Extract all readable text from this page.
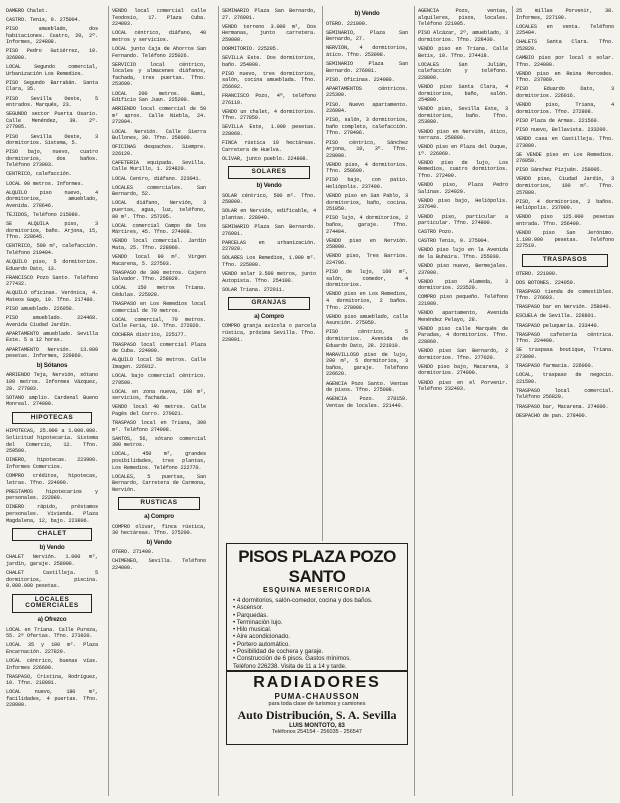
DAMERO Chalet.

CASTRO. Tenis, 9. 275004.

PISO amueblado, dos habitaciones. Cuatro, 20, 2º. Informes, 224808.

PISO Pedro Gutiérrez, 10. 326800.

LOCAL Segundo comercial, Urbanización Los Remedios.

PISO Segundo Barrabán. Santa Clara, 35.

PISO Sevilla Oeste, 5 entrados. Marqués, 23.

SEGUNDO sector Puerta Osario. Calle Menéndez, 39. 2º. 277005.

PISO Sevilla Oeste, 3 dormitorios. Sistema, 5.

PISO bajo, nuevo, cuatro dormitorios, dos baños. Teléfono 273003.

CENTRICO, calefacción.

LOCAL 90 metros. Informes.

ALQUILO piso nuevo, 4 dormitorios, amueblado, Avenida. 278646.

TEJIDOS, Teléfono 215080.

SE ALQUILA piso, 3 dormitorios, baño. Arjona, 15, Tfno. 228645.

CENTRICO, 500 m², calefacción. Teléfono 219404.

ALQUILO piso, 5 dormitorios. Eduardo Dato, 13.

FRANCISCO Pozo Santo. Teléfono 277432.

ALQUILO oficinas. Verónica, 4. Mateos Gago, 19. Tfno. 217480.

PISO amueblado. 226050.

PISO amueblado. 224468. Avenida Ciudad Jardín.

APARTAMENTO amueblado. Sevilla Este. 5 a 12 horas.

APARTAMENTO Nervión. 13.000 pesetas. Informes, 229860.

b) Sótanos

ARRIENDO Teja, Nervión, sótano 100 metros. Informes Vázquez, 28. 277003.

SOTANO amplio. Cardenal Bueno Monreal. 274000.

HIPOTECAS

HIPOTECAS, 25.000 a 1.000.000. Solicitud hipotecaria. Sistema del Comercio, 12. Tfno. 259500.

DINERO, hipotecas. 223900. Informes Comercios.

COMPRO créditos, hipotecas, letras. Tfno. 224000.

PRESTAMOS hipotecarios y personales. 222080.

DINERO rápido, préstamos personales. Vivienda. Plaza Magdalena, 12, bajo. 223806.

CHALET
b) Vendo

CHALET Nervión. 1.000 m², jardín, garaje. 258000.

CHALET Castilleja. 5 dormitorios, piscina. 8.000.000 pesetas.

LOCALES COMERCIALES
a) Ofrezco

LOCAL en Triana. Calle Pureza, 55. 2ª Ofertas. Tfno. 273920.

LOCAL 35 y 100 m². Plaza Encarnación. 227820.

LOCAL céntrico, buenas vías. Informes 226600.

TRASPASO, Cristina, Rodríguez, 10. Tfno. 218001.

LOCAL nuevo, 180 m², facilidades, 4 puertas. Tfno. 228900.

VENDO local comercial calle Teodosio, 17. Plaza Cuba. 224803.

LOCAL céntrico, diáfano, 40 metros y servicios.

LOCAL junto Caja de Ahorros San Fernando. Teléfono 225026.

SERVICIO local céntrico, locales y almacenes diáfanos, fachada, tres puertas. Tfno. 253600.

LOCAL 200 metros. Bami, Edificio San Juan. 225200.

ARRIENDO local comercial de 50 m² aprox. Calle Niebla, 24. 272004.

LOCAL Nervión. Calle Sierra Bullones, 30. Tfno. 258000.

OFICINAS despachos. Siempre. 226120.

CAFETERIA equipada. Sevilla. Calle Murillo, 1. 224820.

LOCAL Centro, diáfano. 223041.

LOCALES comerciales. San Bernardo, 52.

LOCAL diáfano, Nervión, 3 puertas, agua, luz, teléfono, 80 m². Tfno. 257205.

LOCAL comercial Campo de los Mártires, 45. Tfno. 274008.

VENDO local comercial. Jardín Mata, 25. Tfno. 228060.

VENDO local 90 m². Virgen Macarena, 5. 227503.

TRASPASO de 300 metros. Cajero Salvador. Tfno. 258029.

LOCAL 150 metros Triana. Cédulas. 225028.

TRASPASO en Los Remedios local comercial de 70 metros.

LOCAL comercial, 70 metros. Calle Feria, 10. Tfno. 272020.

COCHERA distrito, 225177.

TRASPASO local comercial Plaza de Cuba. 224000.

ALQUILO local 50 metros. Calle Imagen. 226012.

LOCAL bajo comercial céntrico. 279500.

LOCAL en zona nueva, 100 m², servicios, fachada.

VENDO local 40 metros. Calle Pagés del Corro. 270021.

TRASPASO local en Triana, 300 m². Teléfono 274008.

SANTOS, 56, sótano comercial 300 metros.

LOCAL, 450 m², grandes posibilidades, tres plantas, Los Remedios. Teléfono 222770.

LOCALES, 5 puertas, San Bernardo, Carretera de Carmona, Nervión.

RUSTICAS
a) Compro

COMPRO olivar, finca rústica, 30 hectáreas. Tfno. 275200.

b) Vendo

OTERO. 271400.

CHIMENEO, Sevilla. Teléfono 224000.

SEMINARIO Plaza San Bernardo, 27. 276001.

VENDO terreno 3.000 m², Dos Hermanas, junto carretera. 259000.

DORMITORIO. 225205.

SEVILLA Este. Dos dormitorios, baño. 254000.

PISO nuevo, tres dormitorios, salón, cocina amueblada. Tfno. 256602.

FRANCISCO Pozo, 4º, teléfono 276110.

VENDO un chalet, 4 dormitorios. Tfno. 277850.

SEVILLA Este, 1.000 pesetas. 228060.

FINCA rústica 10 hectáreas. Carretera de Huelva.

OLIVAR, junto pueblo. 224808.

SOLARES
b) Vendo

SOLAR céntrico, 500 m². Tfno. 258000.

SOLAR en Nervión, edificable, 4 plantas. 228040.

SEMINARIO Plaza San Bernardo. 276001.

PARCELAS en urbanización. 227020.

SOLARES Los Remedios, 1.000 m². Tfno. 225000.

VENDO solar 3.500 metros, junto Autopista. Tfno. 254100.

SOLAR Triana. 272011.

GRANJAS
a) Compro

COMPRO granja avícola o parcela rústica, próxima Sevilla. Tfno. 229001.

b) Vendo

OTERO. 221000.

SEMINARIO, Plaza San Bernardo, 27.

NERVION, 4 dormitorios, ático. Tfno. 253008.

SEMINARIO Plaza San Bernardo. 276001.

PISO. Oficinas. 224080.

APARTAMENTOS céntricos. 225300.

PISO. Nuevo apartamento. 226004.

PISO, salón, 3 dormitorios, baño completo, calefacción. Tfno. 278406.

PISO céntrico, Sánchez Arjona, 10, 3º. Tfno. 228000.

VENDO piso, 4 dormitorios. Tfno. 258600.

PISO bajo, con patio. Heliópolis. 237400.

VENDO piso en San Pablo, 3 dormitorios, baño, cocina. 251850.

PISO lujo, 4 dormitorios, 2 baños, garaje. Tfno. 274404.

VENDO piso en Nervión. 258000.

VENDO piso, Tres Barrios. 224706.

PISO de lujo, 160 m², salón, comedor, 4 dormitorios.

VENDO piso en Los Remedios, 4 dormitorios, 2 baños. Tfno. 278000.

VENDO piso amueblado, calle Asunción. 275050.

PISO céntrico, 5 dormitorios. Avenida de Eduardo Dato, 28. 221010.

MARAVILLOSO piso de lujo, 200 m², 5 dormitorios, 3 baños, garaje. Teléfono 226620.

AGENCIA Pozo Santo. Ventas de pisos. Tfno. 275008.

AGENCIA Pozo. 278150. Ventas de locales. 221440.

AGENCIA Pozo, ventas, alquileres, pisos, locales. Teléfono 221005.

PISO Alcázar, 2º, amueblado, 3 dormitorios. Tfno. 228430.

VENDO piso en Triana. Calle Betis, 10. Tfno. 274418.

LOCALES San Julián, calefacción y teléfono. 228000.

VENDO piso Santa Clara, 4 dormitorios, baño, salón. 254800.

VENDO piso, Sevilla Este, 3 dormitorios, baño. Tfno. 253880.

VENDO piso en Nervión, ático, terraza. 258800.

VENDO piso en Plaza del Duque, 1º. 226060.

VENDO piso de lujo, Los Remedios, cuatro dormitorios. Tfno. 272400.

VENDO piso, Plaza Pedro Salinas. 224020.

VENDO piso bajo, Heliópolis. 237640.

VENDO piso, particular a particular. Tfno. 274800.

CASTRO Pozo.

CASTRO Tenis, 9. 275004.

VENDO piso lujo en la Avenida de la Buhaira. Tfno. 255030.

VENDO piso nuevo, Bermejales. 237000.

VENDO piso Alameda, 3 dormitorios. 223520.

COMPRO piso pequeño. Teléfono 221080.

VENDO apartamento, Avenida Menéndez Pelayo, 28.

VENDO piso calle Marqués de Paradas, 4 dormitorios. Tfno. 228060.

VENDO piso San Bernardo, 2 dormitorios. Tfno. 277020.

VENDO piso bajo, Macarena, 3 dormitorios. 274000.

VENDO piso en el Porvenir. Teléfono 232403.

25 millas Porvenir, 38. Informes, 227100.

LOCALES en venta. Teléfono 225404.

CHALETS Santa Clara. Tfno. 252820.

CAMBIO piso por local o solar. Tfno. 224000.

VENDO piso en Reina Mercedes. Tfno. 237060.

PISO Eduardo Dato, 3 dormitorios. 226016.

VENDO piso, Triana, 4 dormitorios. Tfno. 272808.

PISO Plaza de Armas. 221560.

PISO nuevo, Bellavista. 233200.

VENDO casa en Castilleja. Tfno. 273000.

SE VENDE piso en Los Remedios. 276050.

PISO Sánchez Pizjuán. 258005.

VENDO piso, Ciudad Jardín, 3 dormitorios, 100 m². Tfno. 257800.

PISO, 4 dormitorios, 2 baños. Heliópolis. 237000.

VENDO piso 125.000 pesetas entrada. Tfno. 256400.

VENDO piso San Jerónimo. 1.100.000 pesetas. Teléfono 227510.

TRASPASOS

OTERO. 221000.

DOS BOTONES. 224050.

TRASPASO tienda de comestibles. Tfno. 276603.

TRASPASO bar en Nervión. 258040.

ESCUELA de Sevilla. 228801.

TRASPASO peluquería. 233440.

TRASPASO cafetería céntrica. Tfno. 224400.

SE traspasa boutique, Triana. 273800.

TRASPASO farmacia. 226060.

LOCAL, traspaso de negocio. 221500.

TRASPASO local comercial. Teléfono 256820.

TRASPASO bar, Macarena. 274600.

DESPACHO de pan. 278400.

PISOS PLAZA POZO SANTO
ESQUINA MESERICORDIA
• 4 dormitorios, salón-comedor, cocina y dos baños.
• Ascensor.
• Parquedas.
• Terminación lujo.
• Hilo musical.
• Aire acondicionado.
• Portero automático.
• Posibilidad de cochera y garaje.
• Construcción de 6 pisos. Gastos mínimos.
Teléfono 226238. Visita de 11 a 14 y tarde.
RADIADORES
PUMA-CHAUSSON
para toda clase de turismos y camiones
Auto Distribución, S. A. Sevilla
LUIS MONTOTO, 83
Teléfonos 254154 - 256035 - 256547
